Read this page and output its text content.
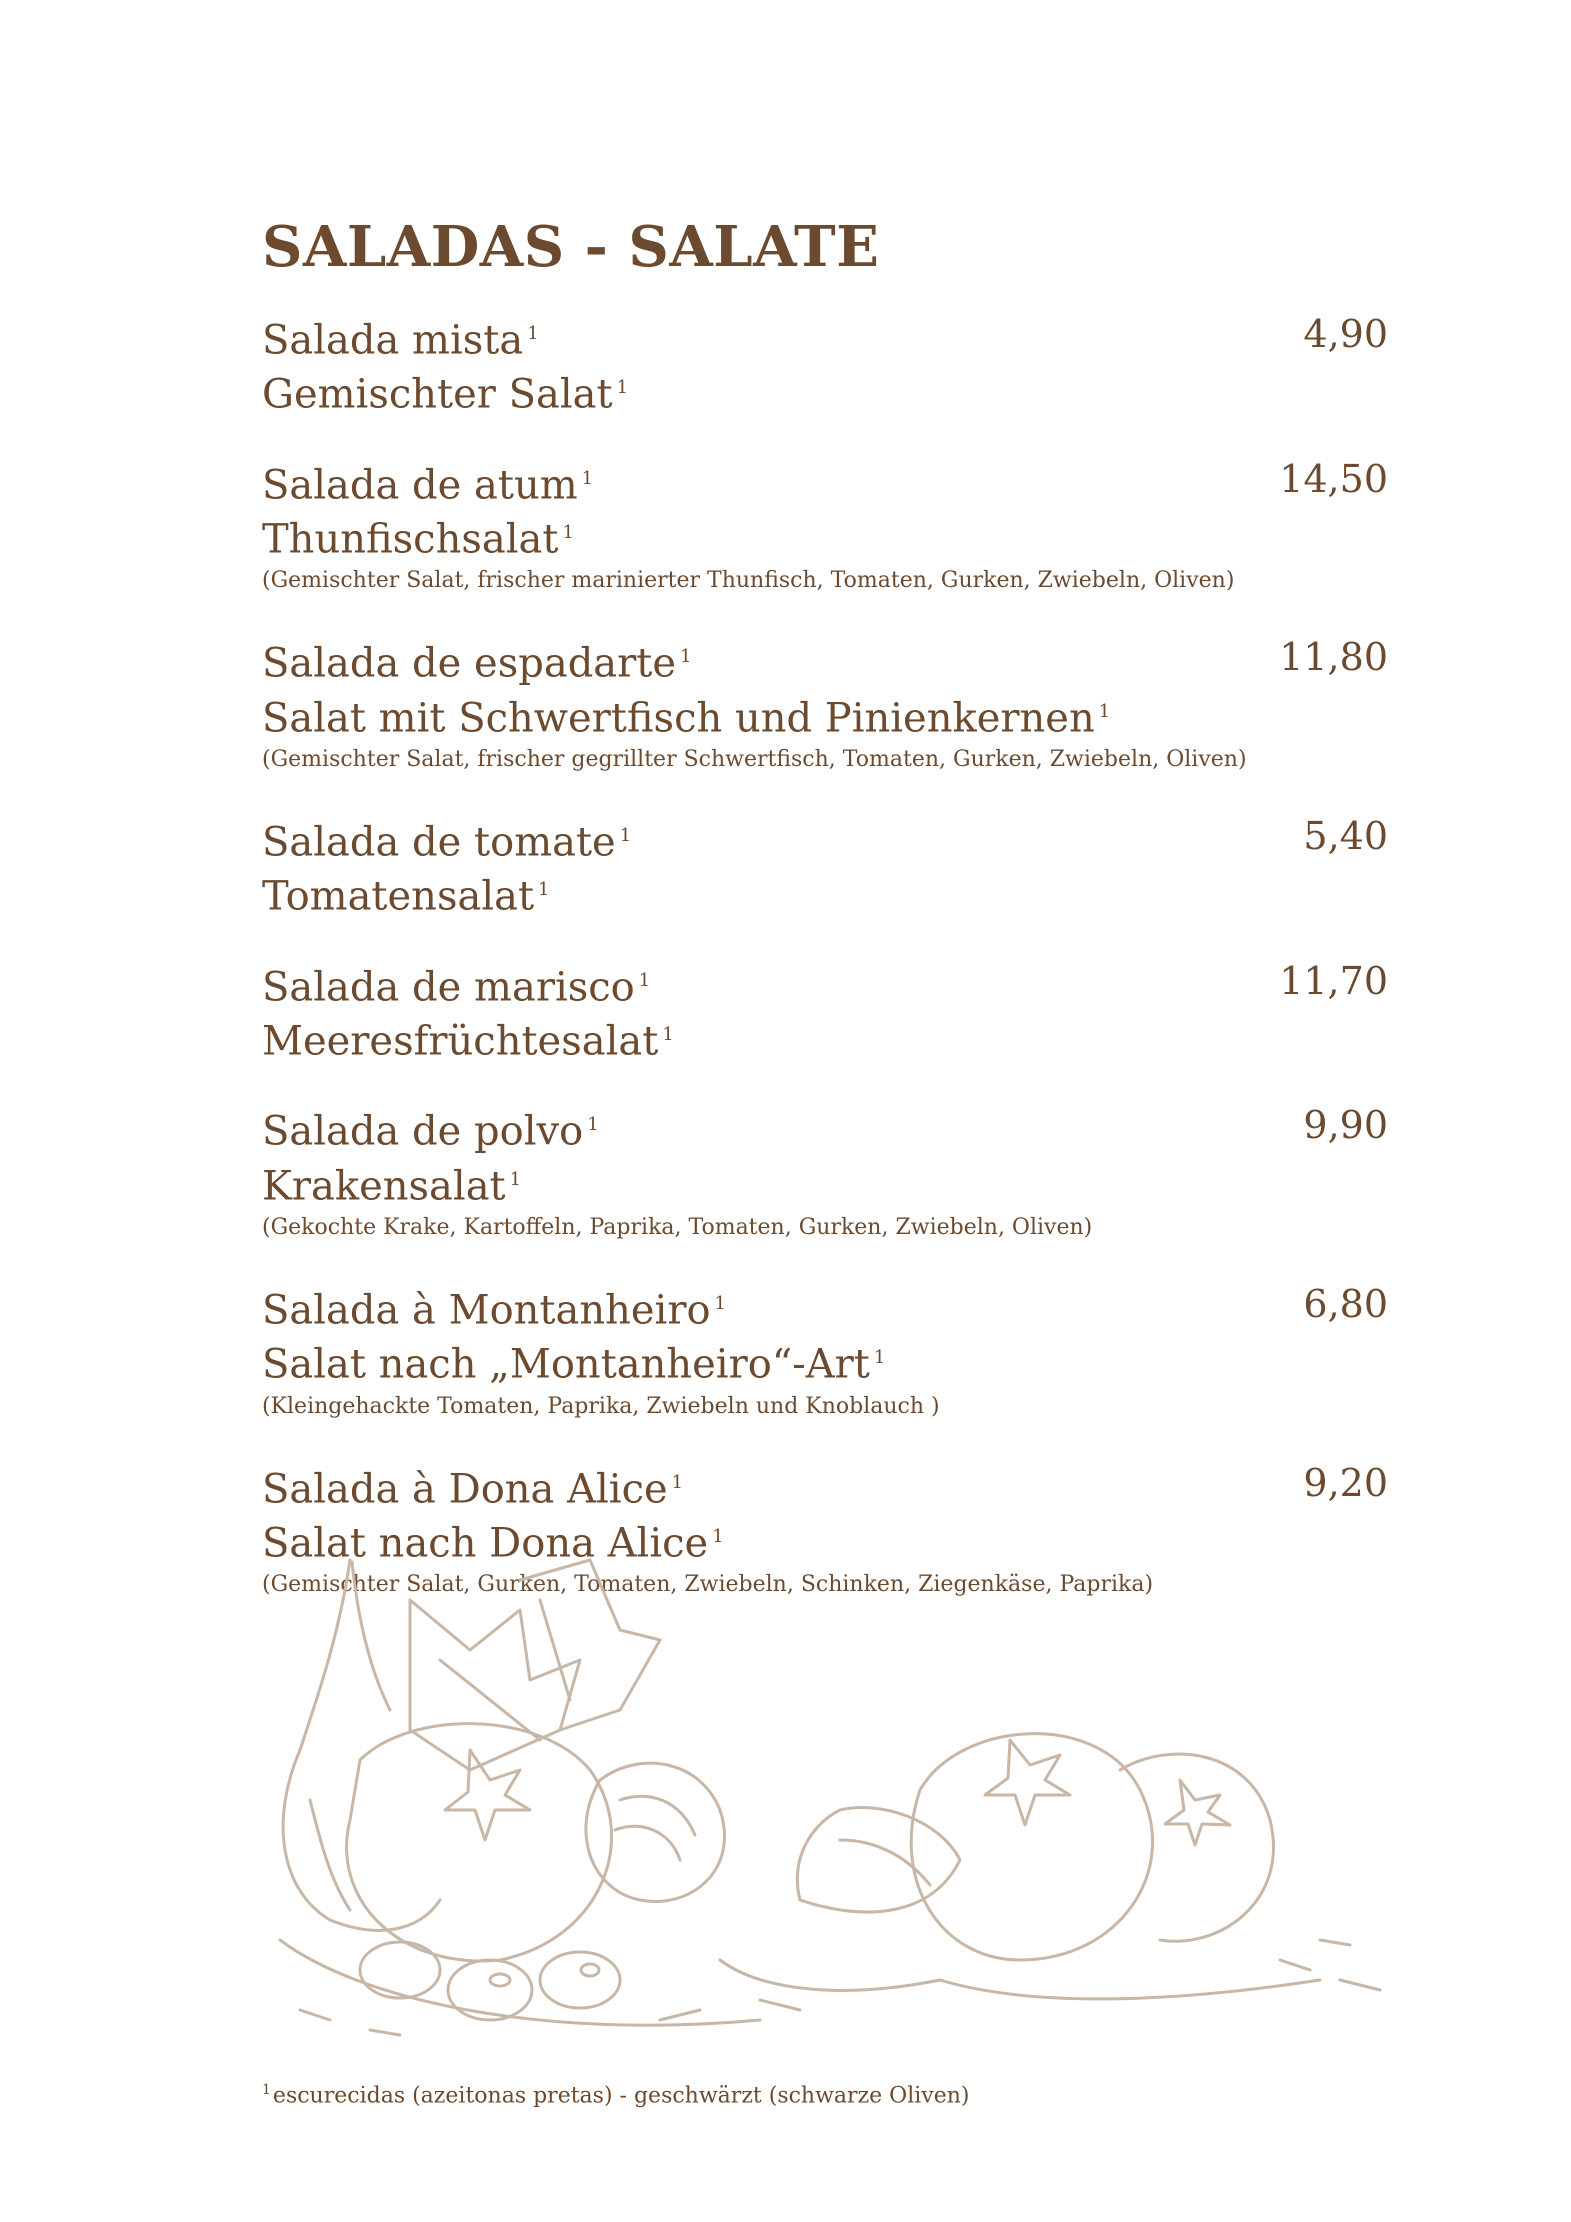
SALADAS - SALATE
Salada mista $^1$
Gemischter Salat $^1$
4,90
Salada de atum $^1$
Thunfischsalat $^1$
(Gemischter Salat, frischer marinierter Thunfisch, Tomaten, Gurken, Zwiebeln, Oliven)
14,50
Salada de espadarte $^1$
Salat mit Schwertfisch und Pinienkernen $^1$
(Gemischter Salat, frischer gegrillter Schwertfisch, Tomaten, Gurken, Zwiebeln, Oliven)
11,80
Salada de tomate $^1$
Tomatensalat $^1$
5,40
Salada de marisco $^1$
Meeresfrüchtesalat $^1$
11,70
Salada de polvo $^1$
Krakensalat $^1$
(Gekochte Krake, Kartoffeln, Paprika, Tomaten, Gurken, Zwiebeln, Oliven)
9,90
Salada à Montanheiro $^1$
Salat nach „Montanheiro“-Art $^1$
(Kleingehackte Tomaten, Paprika, Zwiebeln und Knoblauch )
6,80
Salada à Dona Alice $^1$
Salat nach Dona Alice $^1$
(Gemischter Salat, Gurken, Tomaten, Zwiebeln, Schinken, Ziegenkäse, Paprika)
9,20
$^1$escurecidas (azeitonas pretas) - geschwärzt (schwarze Oliven)
